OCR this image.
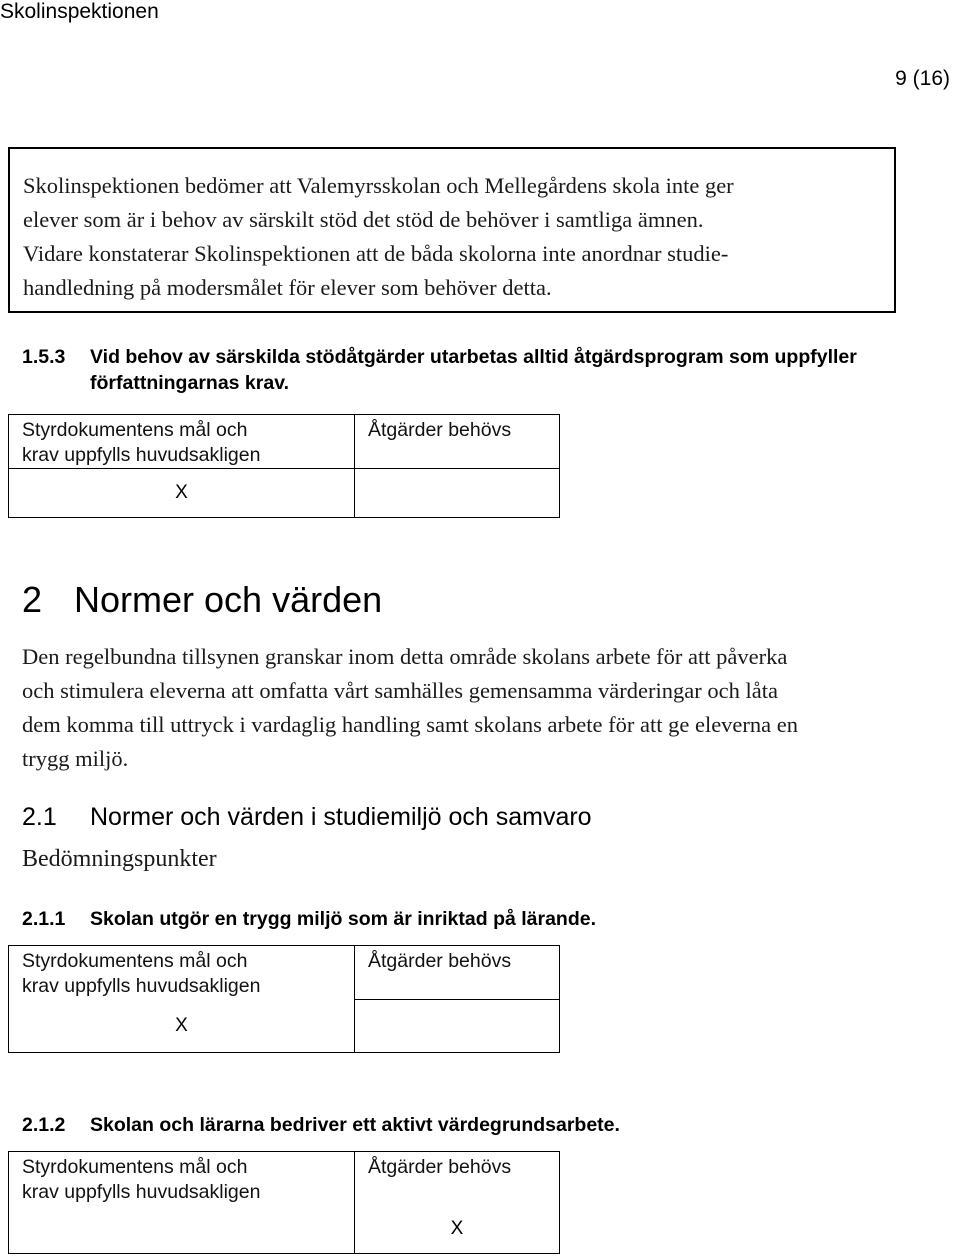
Skolinspektionen
9 (16)

Skolinspektionen bedömer att Valemyrsskolan och Mellegårdens skola inte ger

elever som är i behov av särskilt stöd det stöd de behöver i samtliga ämnen.

Vidare konstaterar Skolinspektionen att de båda skolorna inte anordnar studie-

handledning på modersmålet för elever som behöver detta.

1.5.3 Vid behov av särskilda stödåtgärder utarbetas alltid åtgärdsprogram som uppfyller
författningarnas krav.
Styrdokumentens mål och
krav uppfylls huvudsakligen	Åtgärder behövs
X	
2 Normer och värden
Den regelbundna tillsynen granskar inom detta område skolans arbete för att påverka
och stimulera eleverna att omfatta vårt samhälles gemensamma värderingar och låta
dem komma till uttryck i vardaglig handling samt skolans arbete för att ge eleverna en
trygg miljö.
2.1 Normer och värden i studiemiljö och samvaro
Bedömningspunkter
2.1.1 Skolan utgör en trygg miljö som är inriktad på lärande.
Styrdokumentens mål och
krav uppfylls huvudsakligen	Åtgärder behövs
X	
2.1.2 Skolan och lärarna bedriver ett aktivt värdegrundsarbete.
Styrdokumentens mål och
krav uppfylls huvudsakligen	Åtgärder behövs
	X
